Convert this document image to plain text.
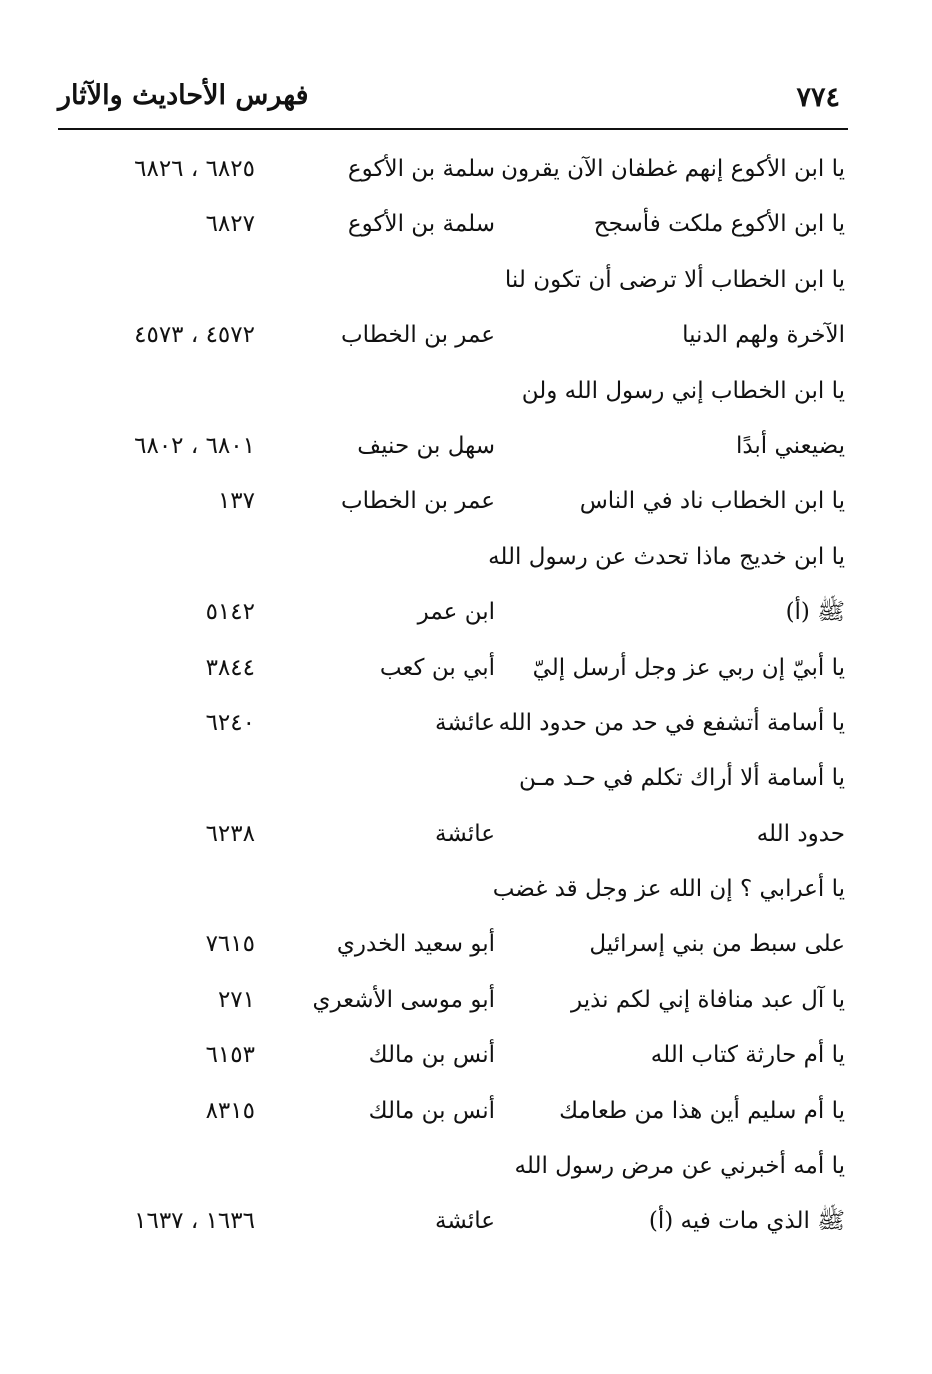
٧٧٤
فهرس الأحاديث والآثار
يا ابن الأكوع إنهم غطفان الآن يقرون
سلمة بن الأكوع
٦٨٢٥ ، ٦٨٢٦
يا ابن الأكوع ملكت فأسجح
سلمة بن الأكوع
٦٨٢٧
يا ابن الخطاب ألا ترضى أن تكون لنا
الآخرة ولهم الدنيا
عمر بن الخطاب
٤٥٧٢ ، ٤٥٧٣
يا ابن الخطاب إني رسول الله ولن
يضيعني أبدًا
سهل بن حنيف
٦٨٠١ ، ٦٨٠٢
يا ابن الخطاب ناد في الناس
عمر بن الخطاب
١٣٧
يا ابن خديج ماذا تحدث عن رسول الله
ﷺ (أ)
ابن عمر
٥١٤٢
يا أبيّ إن ربي عز وجل أرسل إليّ
أبي بن كعب
٣٨٤٤
يا أسامة أتشفع في حد من حدود الله
عائشة
٦٢٤٠
يا أسامة ألا أراك تكلم في حـد مـن
حدود الله
عائشة
٦٢٣٨
يا أعرابي ؟ إن الله عز وجل قد غضب
على سبط من بني إسرائيل
أبو سعيد الخدري
٧٦١٥
يا آل عبد منافاة إني لكم نذير
أبو موسى الأشعري
٢٧١
يا أم حارثة كتاب الله
أنس بن مالك
٦١٥٣
يا أم سليم أين هذا من طعامك
أنس بن مالك
٨٣١٥
يا أمه أخبرني عن مرض رسول الله
ﷺ الذي مات فيه (أ)
عائشة
١٦٣٦ ، ١٦٣٧
